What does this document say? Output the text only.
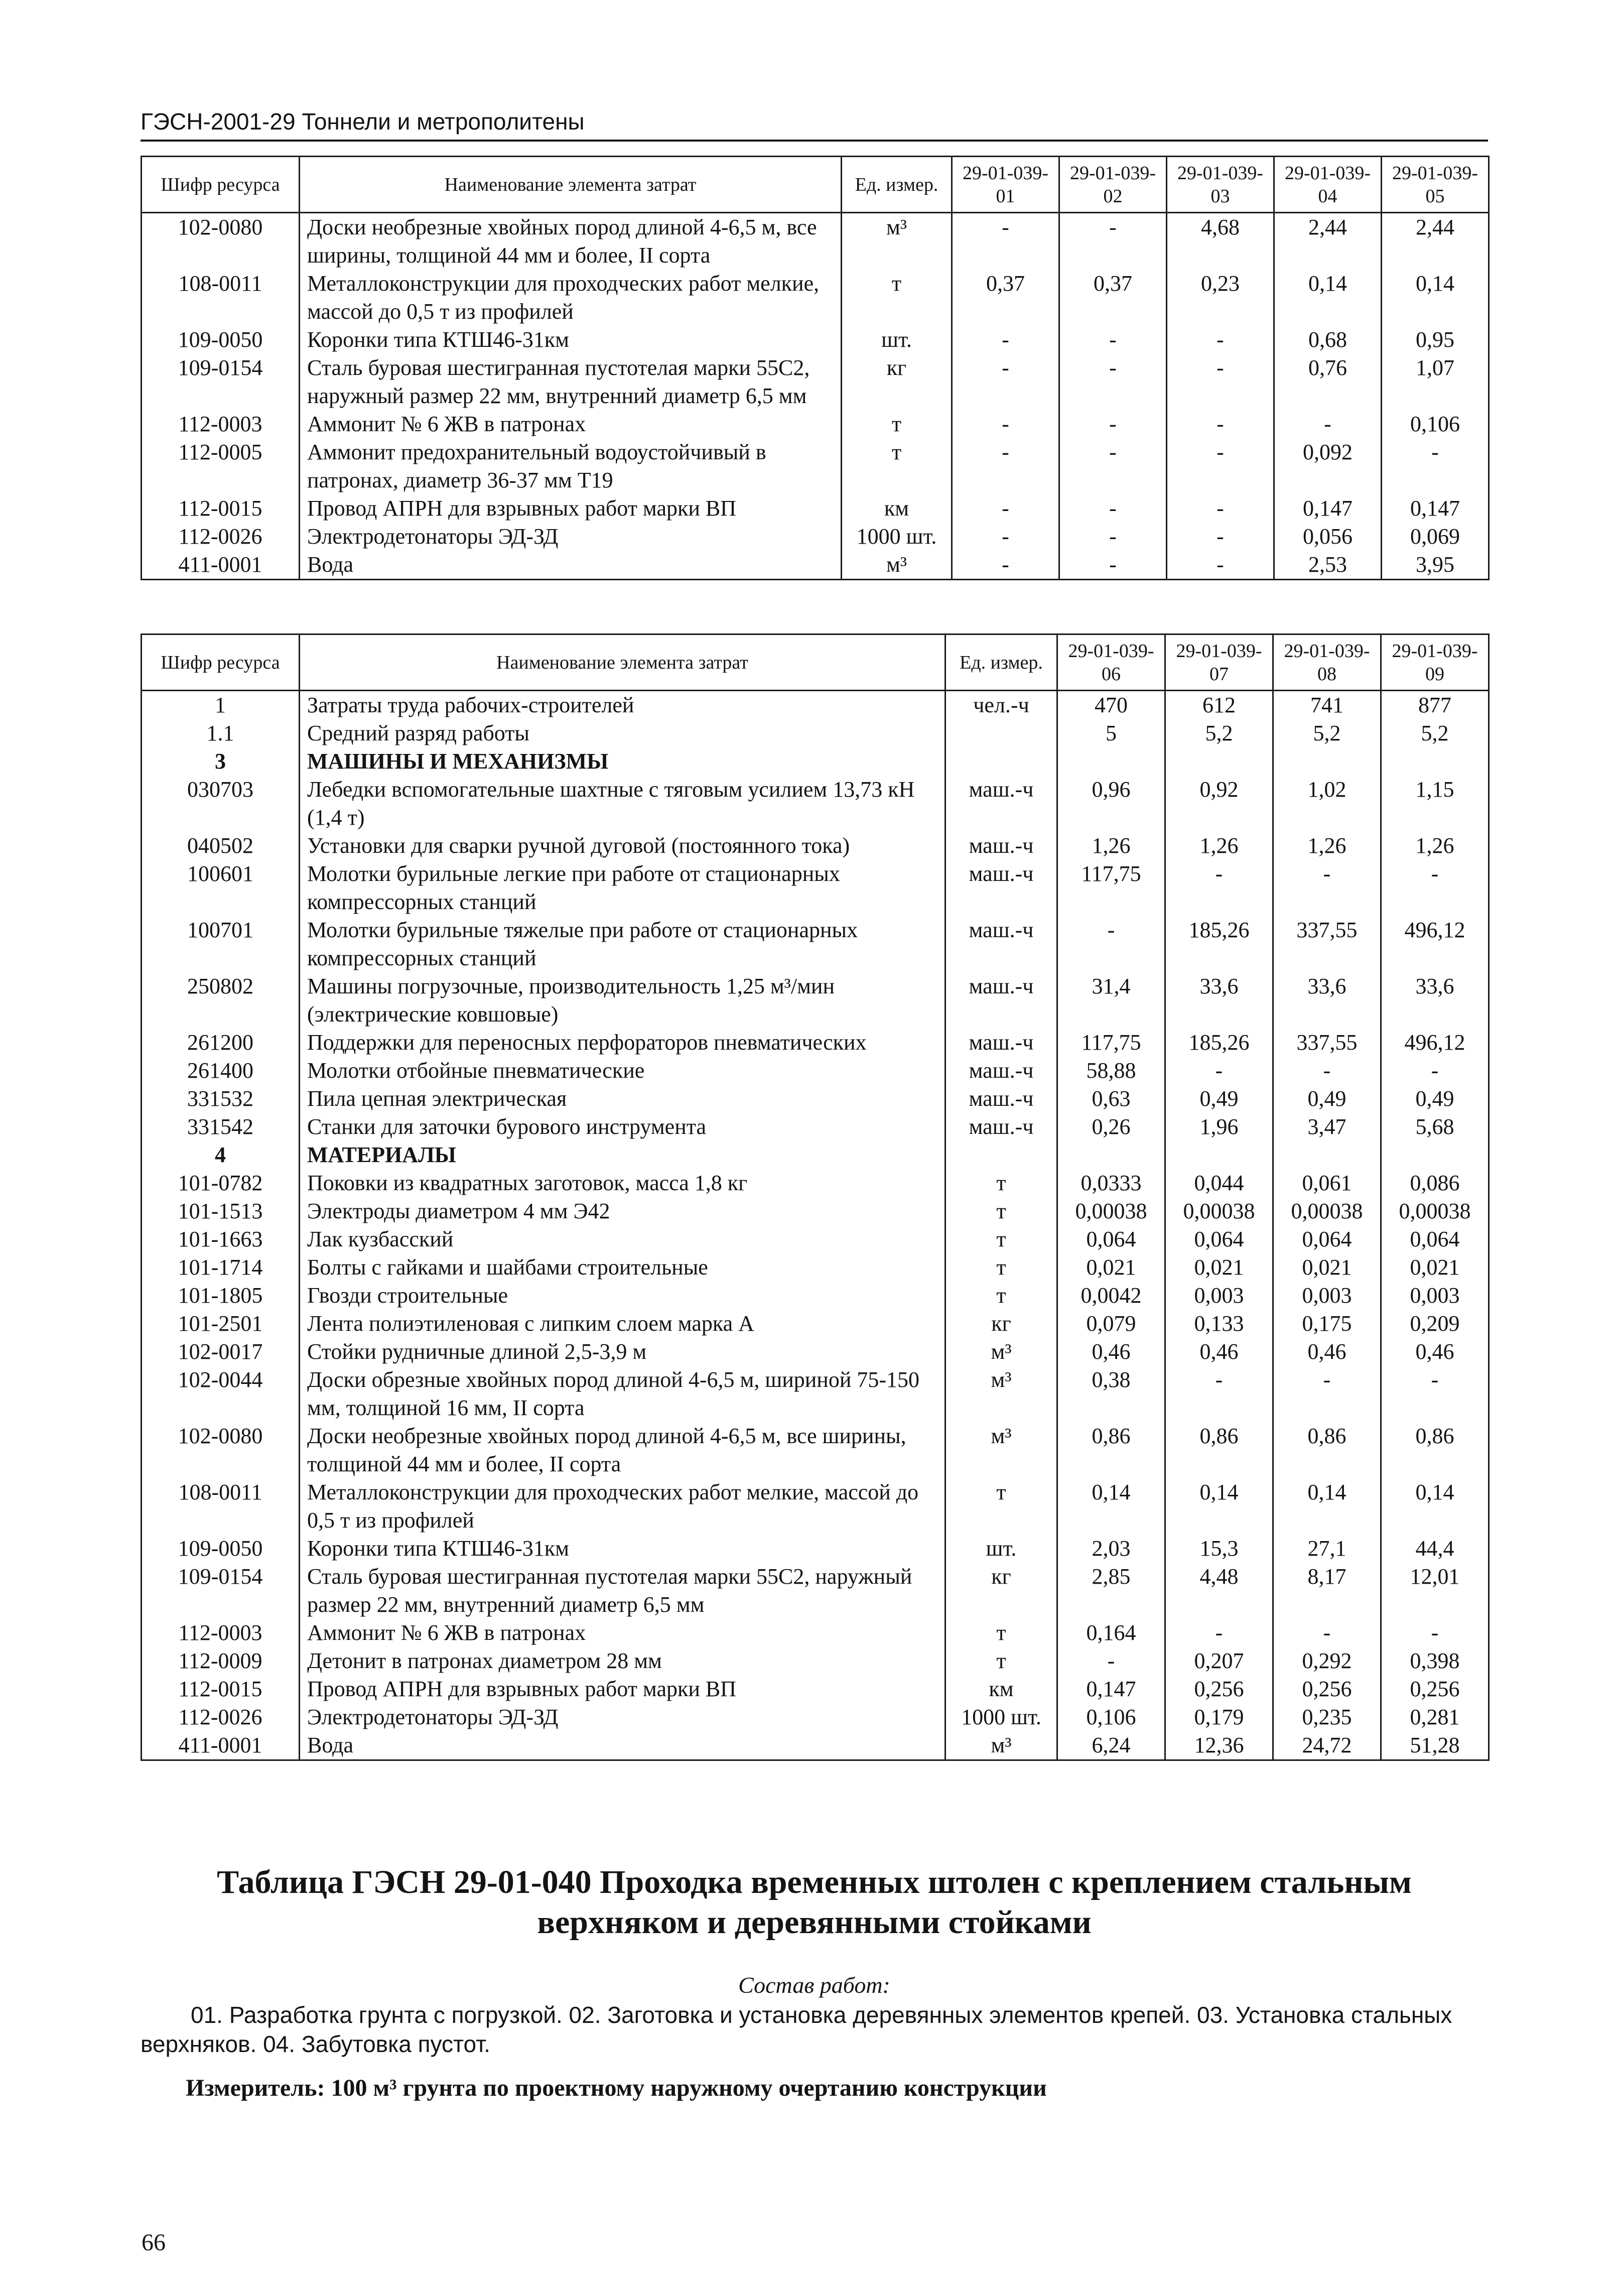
ГЭСН-2001-29 Тоннели и метрополитены
Шифр ресурса	Наименование элемента затрат	Ед. измер.	29-01-039-01	29-01-039-02	29-01-039-03	29-01-039-04	29-01-039-05
102-0080	Доски необрезные хвойных пород длиной 4-6,5 м, все ширины, толщиной 44 мм и более, II сорта	м³	-	-	4,68	2,44	2,44
108-0011	Металлоконструкции для проходческих работ мелкие, массой до 0,5 т из профилей	т	0,37	0,37	0,23	0,14	0,14
109-0050	Коронки типа КТШ46-31км	шт.	-	-	-	0,68	0,95
109-0154	Сталь буровая шестигранная пустотелая марки 55С2, наружный размер 22 мм, внутренний диаметр 6,5 мм	кг	-	-	-	0,76	1,07
112-0003	Аммонит № 6 ЖВ в патронах	т	-	-	-	-	0,106
112-0005	Аммонит предохранительный водоустойчивый в патронах, диаметр 36-37 мм Т19	т	-	-	-	0,092	-
112-0015	Провод АПРН для взрывных работ марки ВП	км	-	-	-	0,147	0,147
112-0026	Электродетонаторы ЭД-ЗД	1000 шт.	-	-	-	0,056	0,069
411-0001	Вода	м³	-	-	-	2,53	3,95
Шифр ресурса	Наименование элемента затрат	Ед. измер.	29-01-039-06	29-01-039-07	29-01-039-08	29-01-039-09
1	Затраты труда рабочих-строителей	чел.-ч	470	612	741	877
1.1	Средний разряд работы		5	5,2	5,2	5,2
3	МАШИНЫ И МЕХАНИЗМЫ					
030703	Лебедки вспомогательные шахтные с тяговым усилием 13,73 кН (1,4 т)	маш.-ч	0,96	0,92	1,02	1,15
040502	Установки для сварки ручной дуговой (постоянного тока)	маш.-ч	1,26	1,26	1,26	1,26
100601	Молотки бурильные легкие при работе от стационарных компрессорных станций	маш.-ч	117,75	-	-	-
100701	Молотки бурильные тяжелые при работе от стационарных компрессорных станций	маш.-ч	-	185,26	337,55	496,12
250802	Машины погрузочные, производительность 1,25 м³/мин (электрические ковшовые)	маш.-ч	31,4	33,6	33,6	33,6
261200	Поддержки для переносных перфораторов пневматических	маш.-ч	117,75	185,26	337,55	496,12
261400	Молотки отбойные пневматические	маш.-ч	58,88	-	-	-
331532	Пила цепная электрическая	маш.-ч	0,63	0,49	0,49	0,49
331542	Станки для заточки бурового инструмента	маш.-ч	0,26	1,96	3,47	5,68
4	МАТЕРИАЛЫ					
101-0782	Поковки из квадратных заготовок, масса 1,8 кг	т	0,0333	0,044	0,061	0,086
101-1513	Электроды диаметром 4 мм Э42	т	0,00038	0,00038	0,00038	0,00038
101-1663	Лак кузбасский	т	0,064	0,064	0,064	0,064
101-1714	Болты с гайками и шайбами строительные	т	0,021	0,021	0,021	0,021
101-1805	Гвозди строительные	т	0,0042	0,003	0,003	0,003
101-2501	Лента полиэтиленовая с липким слоем марка А	кг	0,079	0,133	0,175	0,209
102-0017	Стойки рудничные длиной 2,5-3,9 м	м³	0,46	0,46	0,46	0,46
102-0044	Доски обрезные хвойных пород длиной 4-6,5 м, шириной 75-150 мм, толщиной 16 мм, II сорта	м³	0,38	-	-	-
102-0080	Доски необрезные хвойных пород длиной 4-6,5 м, все ширины, толщиной 44 мм и более, II сорта	м³	0,86	0,86	0,86	0,86
108-0011	Металлоконструкции для проходческих работ мелкие, массой до 0,5 т из профилей	т	0,14	0,14	0,14	0,14
109-0050	Коронки типа КТШ46-31км	шт.	2,03	15,3	27,1	44,4
109-0154	Сталь буровая шестигранная пустотелая марки 55С2, наружный размер 22 мм, внутренний диаметр 6,5 мм	кг	2,85	4,48	8,17	12,01
112-0003	Аммонит № 6 ЖВ в патронах	т	0,164	-	-	-
112-0009	Детонит в патронах диаметром 28 мм	т	-	0,207	0,292	0,398
112-0015	Провод АПРН для взрывных работ марки ВП	км	0,147	0,256	0,256	0,256
112-0026	Электродетонаторы ЭД-ЗД	1000 шт.	0,106	0,179	0,235	0,281
411-0001	Вода	м³	6,24	12,36	24,72	51,28
Таблица ГЭСН 29-01-040 Проходка временных штолен с креплением стальным верхняком и деревянными стойками
Состав работ:
01. Разработка грунта с погрузкой. 02. Заготовка и установка деревянных элементов крепей. 03. Установка стальных верхняков. 04. Забутовка пустот.
Измеритель: 100 м³ грунта по проектному наружному очертанию конструкции
66
